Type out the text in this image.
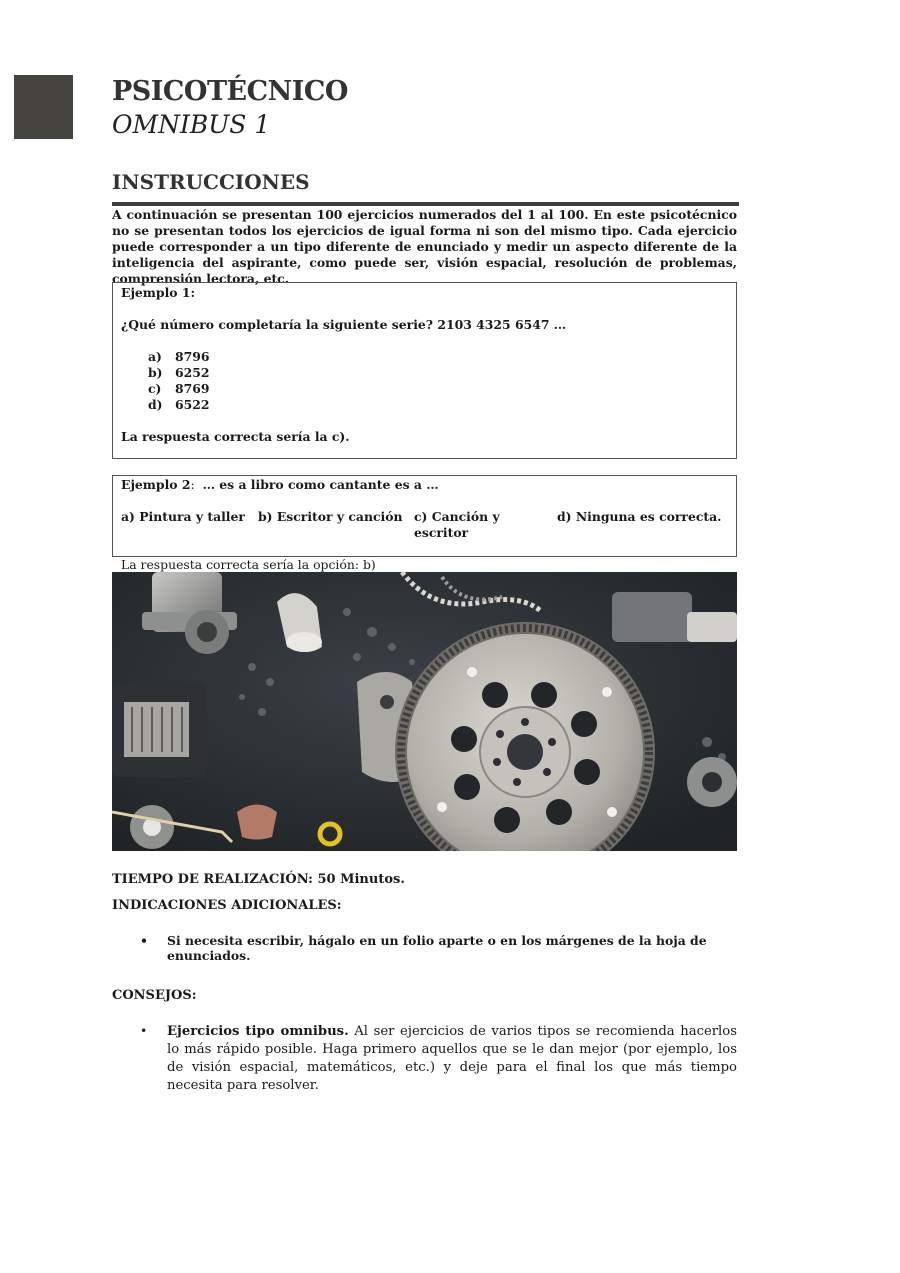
PSICOTÉCNICO
OMNIBUS 1
INSTRUCCIONES
A continuación se presentan 100 ejercicios numerados del 1 al 100. En este psicotécnico no se presentan todos los ejercicios de igual forma ni son del mismo tipo. Cada ejercicio puede corresponder a un tipo diferente de enunciado y medir un aspecto diferente de la inteligencia del aspirante, como puede ser, visión espacial, resolución de problemas, comprensión lectora, etc.
Ejemplo 1:
¿Qué número completaría la siguiente serie? 2103 4325 6547 …
a)	8796
b)	6252
c)	8769
d)	6522
La respuesta correcta sería la c).
Ejemplo 2:  … es a libro como cantante es a …

a) Pintura y taller	b) Escritor y canción c) Canción y escritor
d) Ninguna es correcta.

La respuesta correcta sería la opción: b)
TIEMPO DE REALIZACIÓN: 50 Minutos.
INDICACIONES ADICIONALES:
• Si necesita escribir, hágalo en un folio aparte o en los márgenes de la hoja de enunciados.
CONSEJOS:
• Ejercicios tipo omnibus. Al ser ejercicios de varios tipos se recomienda hacerlos lo más rápido posible. Haga primero aquellos que se le dan mejor (por ejemplo, los de visión espacial, matemáticos, etc.) y deje para el final los que más tiempo necesita para resolver.
